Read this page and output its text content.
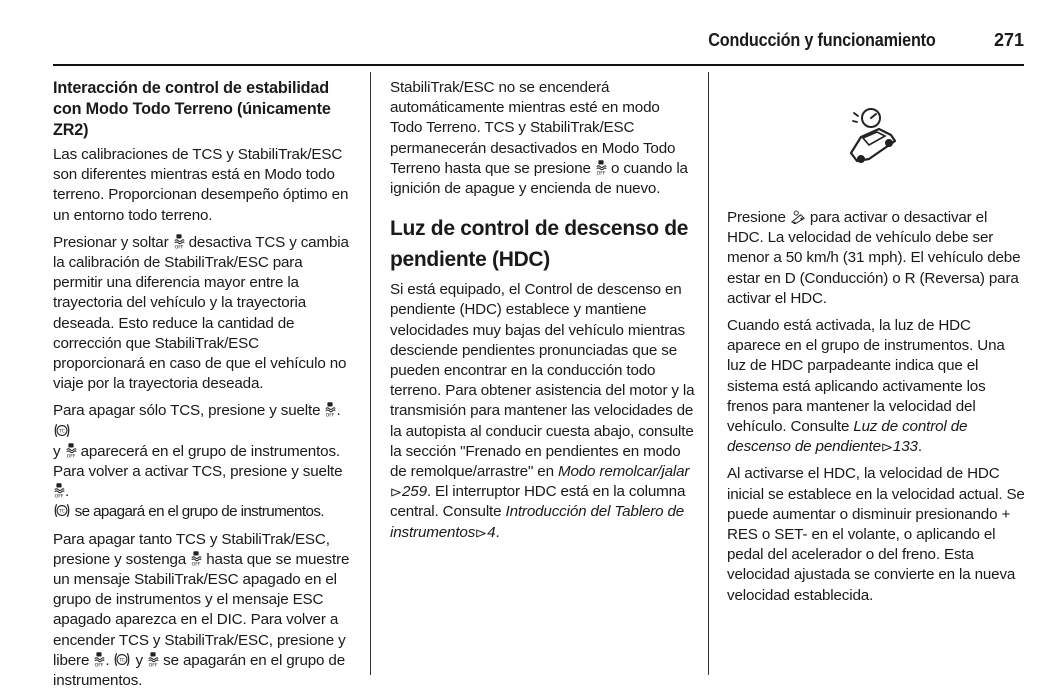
Conducción y funcionamiento	271
Interacción de control de estabilidad con Modo Todo Terreno (únicamente ZR2)

Las calibraciones de TCS y StabiliTrak/ESC son diferentes mientras está en Modo todo terreno. Proporcionan desempeño óptimo en un entorno todo terreno.

Presionar y soltar
desactiva TCS y cambia la calibración de StabiliTrak/ESC para permitir una diferencia mayor entre la trayectoria del vehículo y la trayectoria deseada. Esto reduce la cantidad de corrección que StabiliTrak/ESC proporcionará en caso de que el vehículo no viaje por la trayectoria deseada.

Para apagar sólo TCS, presione y suelte
.

y
aparecerá en el grupo de instrumentos. Para volver a activar TCS, presione y suelte
.

se apagará en el grupo de instrumentos.

Para apagar tanto TCS y StabiliTrak/ESC, presione y sostenga
hasta que se muestre un mensaje StabiliTrak/ESC apagado en el grupo de instrumentos y el mensaje ESC apagado aparezca en el DIC. Para volver a encender TCS y StabiliTrak/ESC, presione y libere
.
y
se apagarán en el grupo de instrumentos.

StabiliTrak/ESC no se encenderá automáticamente mientras esté en modo Todo Terreno. TCS y StabiliTrak/ESC permanecerán desactivados en Modo Todo Terreno hasta que se presione
o cuando la ignición de apague y encienda de nuevo.

Luz de control de descenso de pendiente (HDC)

Si está equipado, el Control de descenso en pendiente (HDC) establece y mantiene velocidades muy bajas del vehículo mientras desciende pendientes pronunciadas que se pueden encontrar en la conducción todo terreno. Para obtener asistencia del motor y la transmisión para mantener las velocidades de la autopista al conducir cuesta abajo, consulte la sección "Frenado en pendientes en modo de remolque/arrastre" en Modo remolcar/jalar
259. El interruptor HDC está en la columna central. Consulte Introducción del Tablero de instrumentos 4.

Presione
para activar o desactivar el HDC. La velocidad de vehículo debe ser menor a 50 km/h (31 mph). El vehículo debe estar en D (Conducción) o R (Reversa) para activar el HDC.

Cuando está activada, la luz de HDC aparece en el grupo de instrumentos. Una luz de HDC parpadeante indica que el sistema está aplicando activamente los frenos para mantener la velocidad del vehículo. Consulte Luz de control de descenso de pendiente 133.

Al activarse el HDC, la velocidad de HDC inicial se establece en la velocidad actual. Se puede aumentar o disminuir presionando + RES o SET- en el volante, o aplicando el pedal del acelerador o del freno. Esta velocidad ajustada se convierte en la nueva velocidad establecida.
